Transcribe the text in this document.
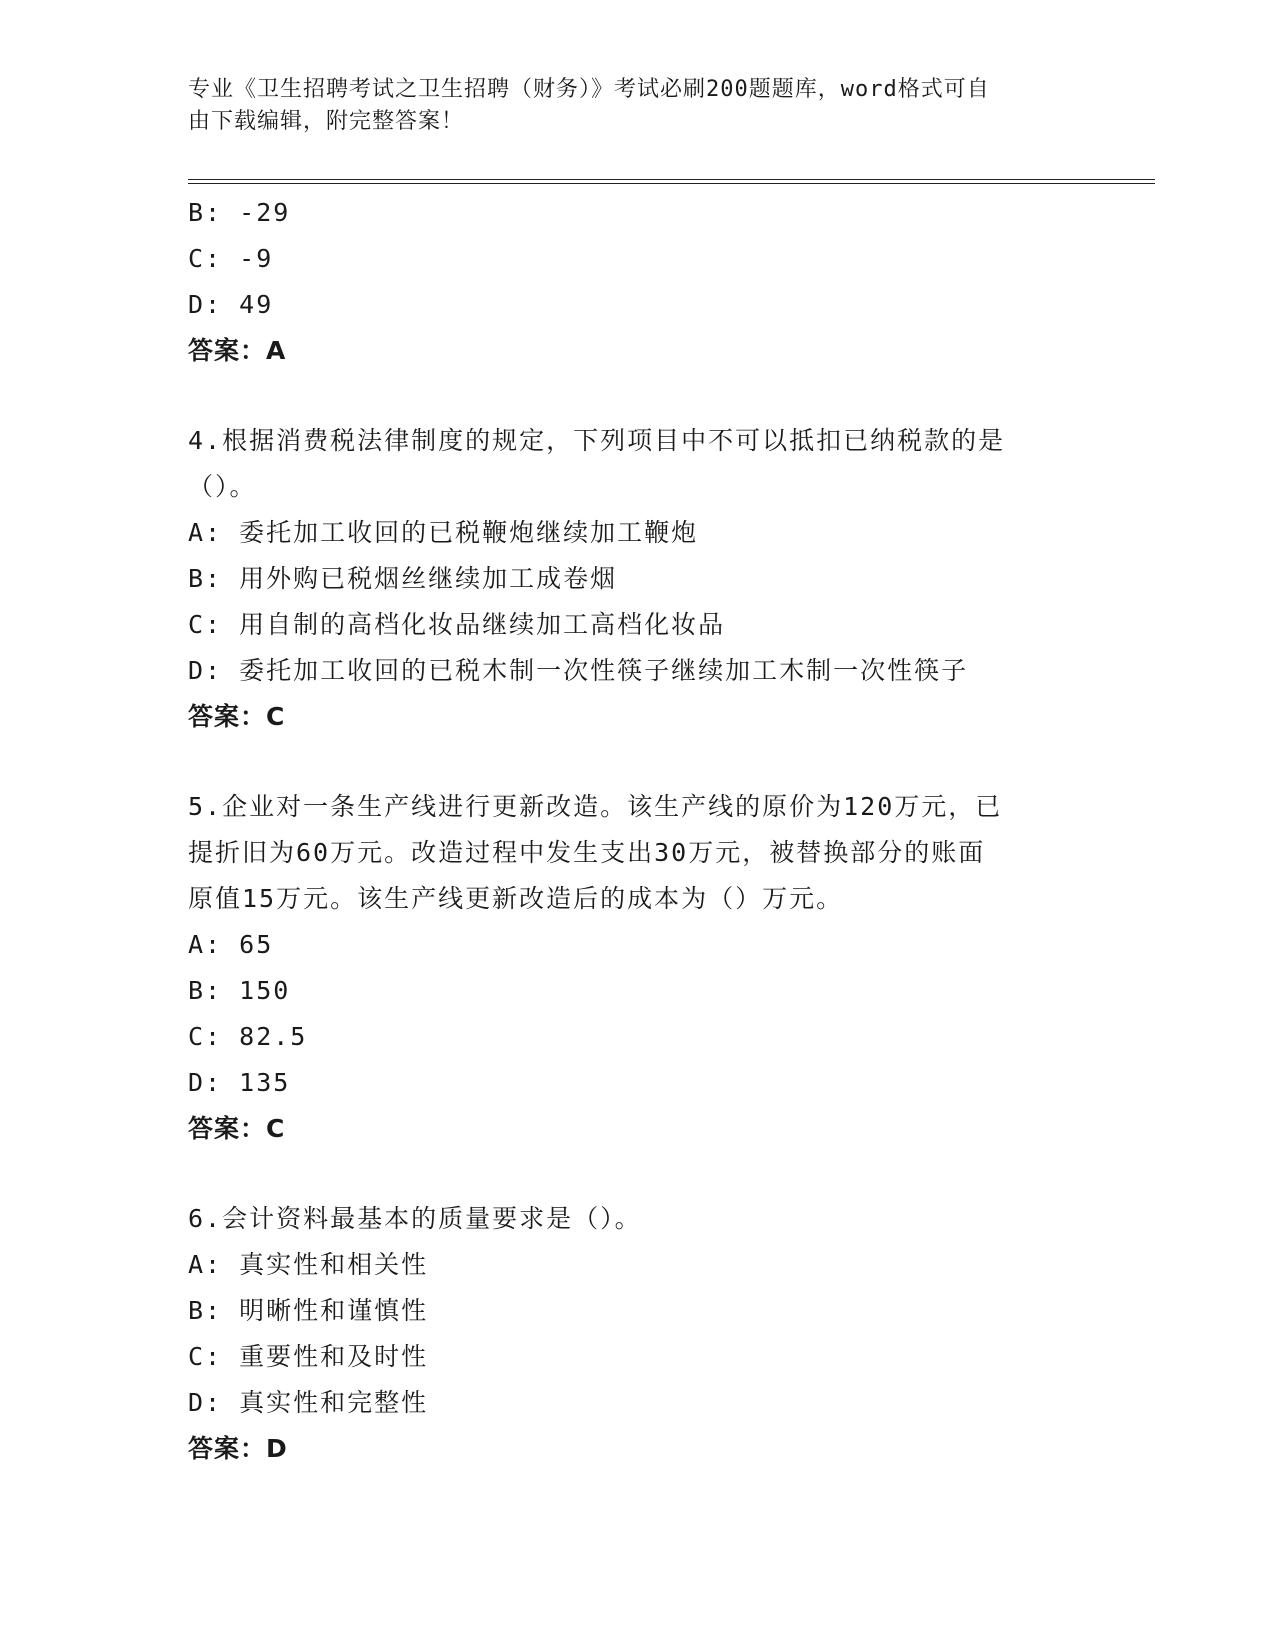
专业《卫生招聘考试之卫生招聘（财务）》考试必刷200题题库，word格式可自
由下载编辑，附完整答案！
B: -29
C: -9
D: 49
答案：A
4.根据消费税法律制度的规定，下列项目中不可以抵扣已纳税款的是
（）。
A: 委托加工收回的已税鞭炮继续加工鞭炮
B: 用外购已税烟丝继续加工成卷烟
C: 用自制的高档化妆品继续加工高档化妆品
D: 委托加工收回的已税木制一次性筷子继续加工木制一次性筷子
答案：C
5.企业对一条生产线进行更新改造。该生产线的原价为120万元，已
提折旧为60万元。改造过程中发生支出30万元，被替换部分的账面
原值15万元。该生产线更新改造后的成本为（）万元。
A: 65
B: 150
C: 82.5
D: 135
答案：C
6.会计资料最基本的质量要求是（）。
A: 真实性和相关性
B: 明晰性和谨慎性
C: 重要性和及时性
D: 真实性和完整性
答案：D
